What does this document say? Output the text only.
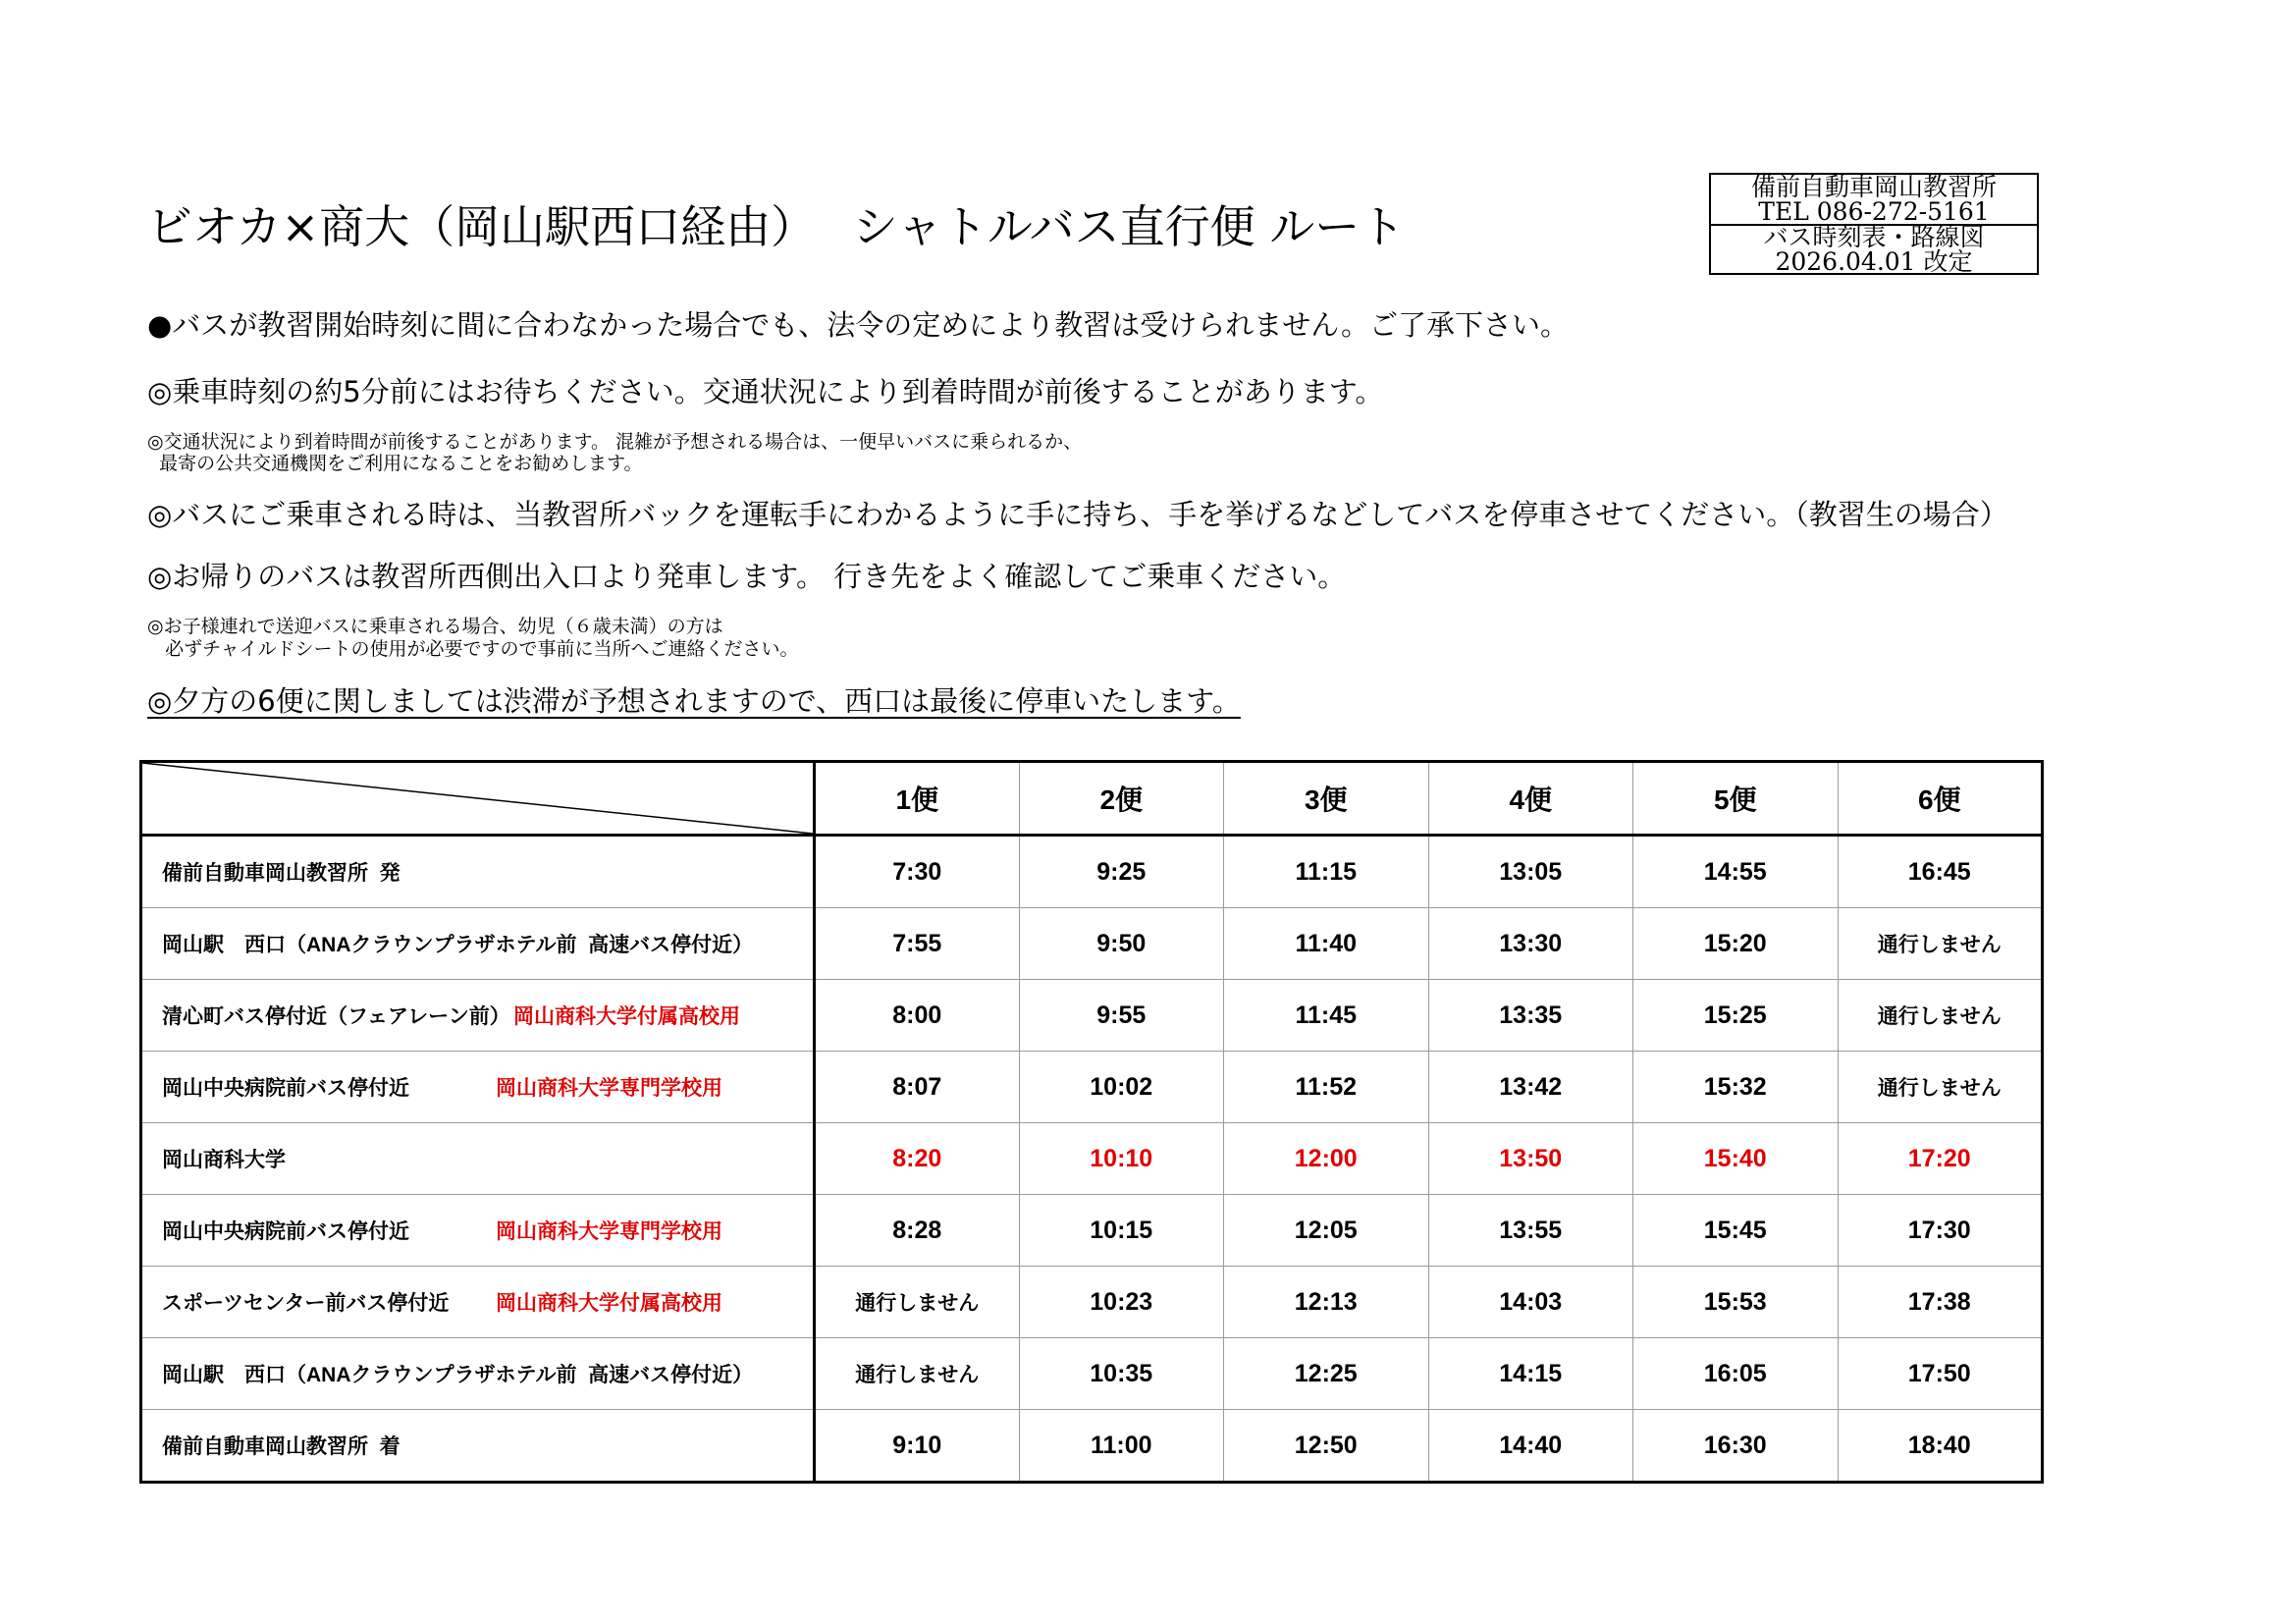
ビオカ×商大（岡山駅西口経由）　 シャトルバス直行便 ルート
備前自動車岡山教習所
TEL 086-272-5161
バス時刻表・路線図
2026.04.01 改定
●バスが教習開始時刻に間に合わなかった場合でも、法令の定めにより教習は受けられません。ご了承下さい。
◎乗車時刻の約5分前にはお待ちください。交通状況により到着時間が前後することがあります。
◎交通状況により到着時間が前後することがあります。 混雑が予想される場合は、一便早いバスに乗られるか、
最寄の公共交通機関をご利用になることをお勧めします。
◎バスにご乗車される時は、当教習所バックを運転手にわかるように手に持ち、手を挙げるなどしてバスを停車させてください。（教習生の場合）
◎お帰りのバスは教習所西側出入口より発車します。 行き先をよく確認してご乗車ください。
◎お子様連れで送迎バスに乗車される場合、幼児（６歳未満）の方は
必ずチャイルドシートの使用が必要ですので事前に当所へご連絡ください。
◎夕方の6便に関しましては渋滞が予想されますので、西口は最後に停車いたします。
	1便	2便	3便	4便	5便	6便
備前自動車岡山教習所  発	7:30	9:25	11:15	13:05	14:55	16:45
岡山駅　西口（ANAクラウンプラザホテル前  高速バス停付近）	7:55	9:50	11:40	13:30	15:20	通行しません
清心町バス停付近（フェアレーン前） 岡山商科大学付属高校用	8:00	9:55	11:45	13:35	15:25	通行しません
岡山中央病院前バス停付近 岡山商科大学専門学校用	8:07	10:02	11:52	13:42	15:32	通行しません
岡山商科大学	8:20	10:10	12:00	13:50	15:40	17:20
岡山中央病院前バス停付近 岡山商科大学専門学校用	8:28	10:15	12:05	13:55	15:45	17:30
スポーツセンター前バス停付近 岡山商科大学付属高校用	通行しません	10:23	12:13	14:03	15:53	17:38
岡山駅　西口（ANAクラウンプラザホテル前  高速バス停付近）	通行しません	10:35	12:25	14:15	16:05	17:50
備前自動車岡山教習所  着	9:10	11:00	12:50	14:40	16:30	18:40
